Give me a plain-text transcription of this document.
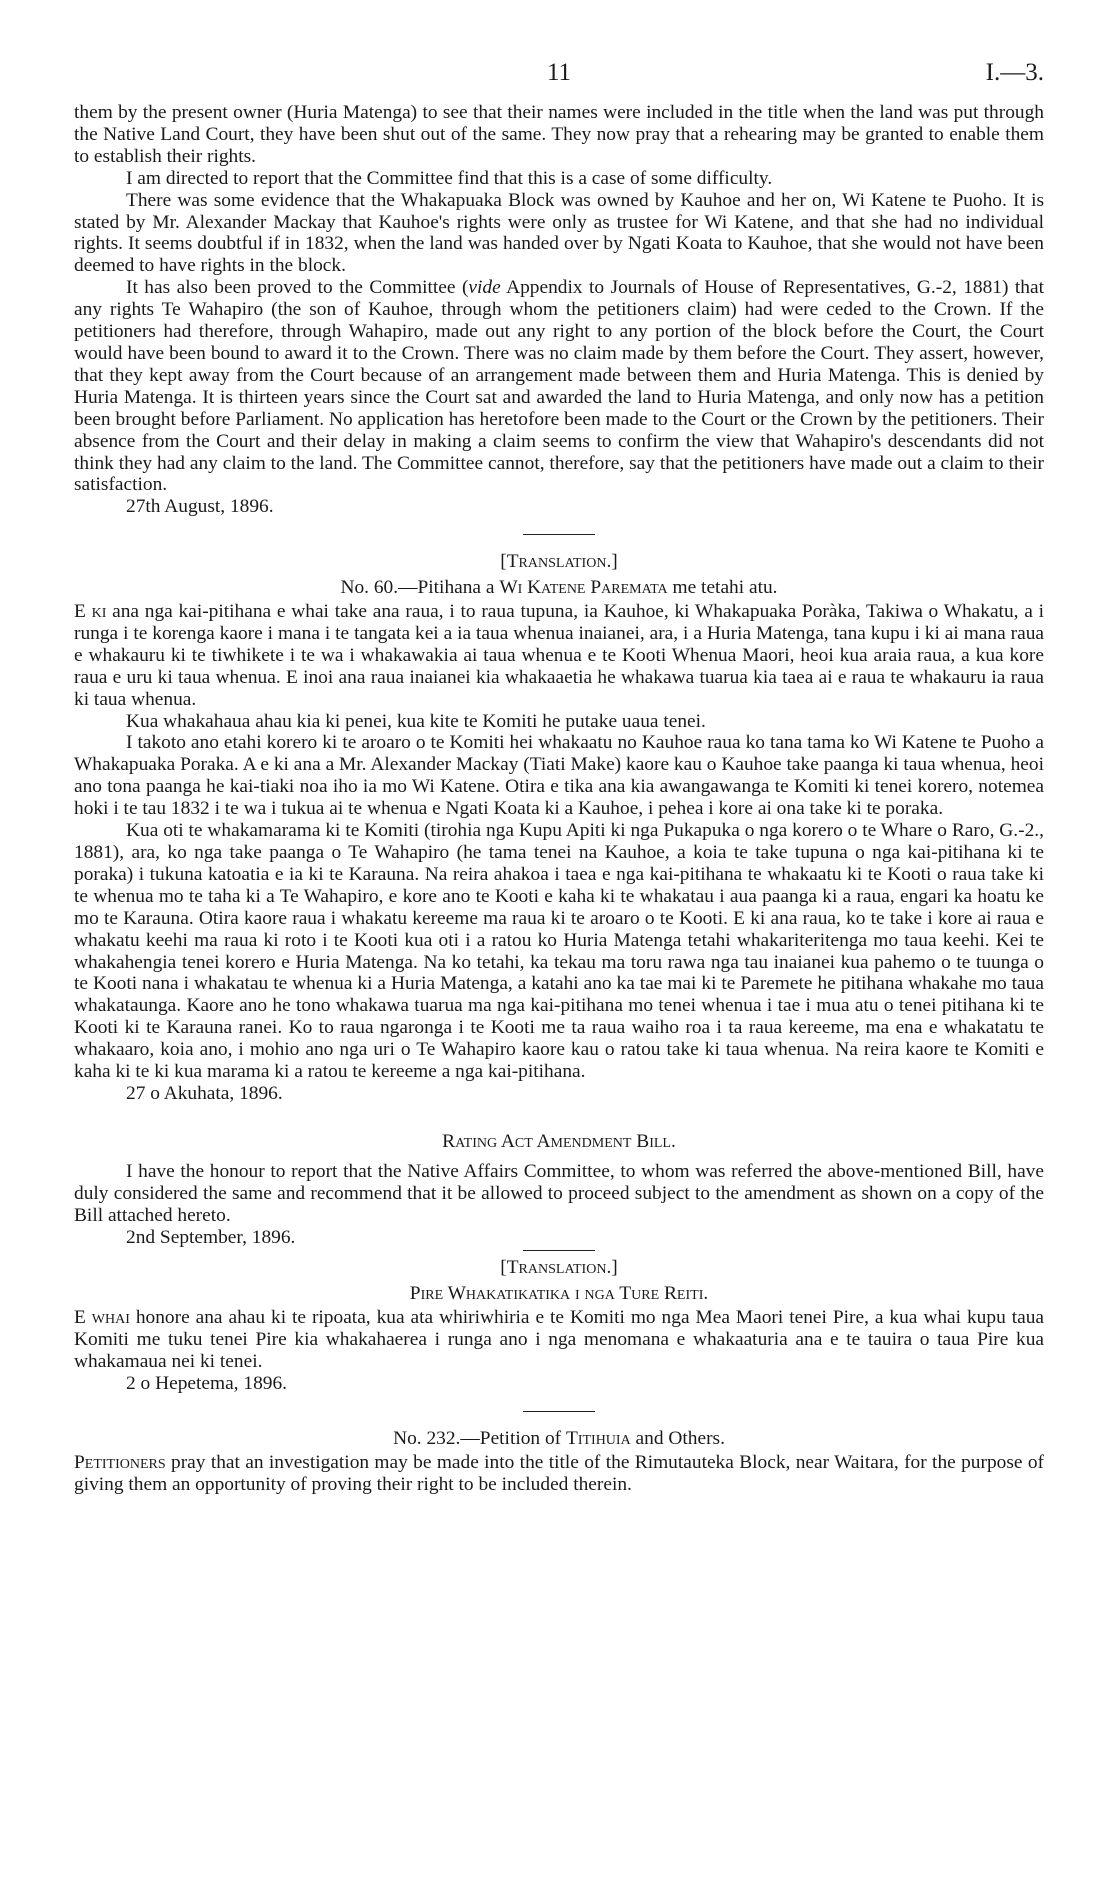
11	I.—3.

them by the present owner (Huria Matenga) to see that their names were included in the title when the land was put through the Native Land Court, they have been shut out of the same. They now pray that a rehearing may be granted to enable them to establish their rights.

I am directed to report that the Committee find that this is a case of some difficulty.

There was some evidence that the Whakapuaka Block was owned by Kauhoe and her on, Wi Katene te Puoho. It is stated by Mr. Alexander Mackay that Kauhoe's rights were only as trustee for Wi Katene, and that she had no individual rights. It seems doubtful if in 1832, when the land was handed over by Ngati Koata to Kauhoe, that she would not have been deemed to have rights in the block.

It has also been proved to the Committee (vide Appendix to Journals of House of Representatives, G.-2, 1881) that any rights Te Wahapiro (the son of Kauhoe, through whom the petitioners claim) had were ceded to the Crown. If the petitioners had therefore, through Wahapiro, made out any right to any portion of the block before the Court, the Court would have been bound to award it to the Crown. There was no claim made by them before the Court. They assert, however, that they kept away from the Court because of an arrangement made between them and Huria Matenga. This is denied by Huria Matenga. It is thirteen years since the Court sat and awarded the land to Huria Matenga, and only now has a petition been brought before Parliament. No application has heretofore been made to the Court or the Crown by the petitioners. Their absence from the Court and their delay in making a claim seems to confirm the view that Wahapiro's descendants did not think they had any claim to the land. The Committee cannot, therefore, say that the petitioners have made out a claim to their satisfaction.

27th August, 1896.

[Translation.]

No. 60.—Pitihana a Wi Katene Paremata me tetahi atu.

E ki ana nga kai-pitihana e whai take ana raua, i to raua tupuna, ia Kauhoe, ki Whakapuaka Poràka, Takiwa o Whakatu, a i runga i te korenga kaore i mana i te tangata kei a ia taua whenua inaianei, ara, i a Huria Matenga, tana kupu i ki ai mana raua e whakauru ki te tiwhikete i te wa i whakawakia ai taua whenua e te Kooti Whenua Maori, heoi kua araia raua, a kua kore raua e uru ki taua whenua. E inoi ana raua inaianei kia whakaaetia he whakawa tuarua kia taea ai e raua te whakauru ia raua ki taua whenua.

Kua whakahaua ahau kia ki penei, kua kite te Komiti he putake uaua tenei.

I takoto ano etahi korero ki te aroaro o te Komiti hei whakaatu no Kauhoe raua ko tana tama ko Wi Katene te Puoho a Whakapuaka Poraka. A e ki ana a Mr. Alexander Mackay (Tiati Make) kaore kau o Kauhoe take paanga ki taua whenua, heoi ano tona paanga he kai-tiaki noa iho ia mo Wi Katene. Otira e tika ana kia awangawanga te Komiti ki tenei korero, notemea hoki i te tau 1832 i te wa i tukua ai te whenua e Ngati Koata ki a Kauhoe, i pehea i kore ai ona take ki te poraka.

Kua oti te whakamarama ki te Komiti (tirohia nga Kupu Apiti ki nga Pukapuka o nga korero o te Whare o Raro, G.-2., 1881), ara, ko nga take paanga o Te Wahapiro (he tama tenei na Kauhoe, a koia te take tupuna o nga kai-pitihana ki te poraka) i tukuna katoatia e ia ki te Karauna. Na reira ahakoa i taea e nga kai-pitihana te whakaatu ki te Kooti o raua take ki te whenua mo te taha ki a Te Wahapiro, e kore ano te Kooti e kaha ki te whakatau i aua paanga ki a raua, engari ka hoatu ke mo te Karauna. Otira kaore raua i whakatu kereeme ma raua ki te aroaro o te Kooti. E ki ana raua, ko te take i kore ai raua e whakatu keehi ma raua ki roto i te Kooti kua oti i a ratou ko Huria Matenga tetahi whakariteritenga mo taua keehi. Kei te whakahengia tenei korero e Huria Matenga. Na ko tetahi, ka tekau ma toru rawa nga tau inaianei kua pahemo o te tuunga o te Kooti nana i whakatau te whenua ki a Huria Matenga, a katahi ano ka tae mai ki te Paremete he pitihana whakahe mo taua whakataunga. Kaore ano he tono whakawa tuarua ma nga kai-pitihana mo tenei whenua i tae i mua atu o tenei pitihana ki te Kooti ki te Karauna ranei. Ko to raua ngaronga i te Kooti me ta raua waiho roa i ta raua kereeme, ma ena e whakatatu te whakaaro, koia ano, i mohio ano nga uri o Te Wahapiro kaore kau o ratou take ki taua whenua. Na reira kaore te Komiti e kaha ki te ki kua marama ki a ratou te kereeme a nga kai-pitihana.

27 o Akuhata, 1896.

Rating Act Amendment Bill.

I have the honour to report that the Native Affairs Committee, to whom was referred the above-mentioned Bill, have duly considered the same and recommend that it be allowed to proceed subject to the amendment as shown on a copy of the Bill attached hereto.

2nd September, 1896.

[Translation.]

Pire Whakatikatika i nga Ture Reiti.

E whai honore ana ahau ki te ripoata, kua ata whiriwhiria e te Komiti mo nga Mea Maori tenei Pire, a kua whai kupu taua Komiti me tuku tenei Pire kia whakahaerea i runga ano i nga menomana e whakaaturia ana e te tauira o taua Pire kua whakamaua nei ki tenei.

2 o Hepetema, 1896.

No. 232.—Petition of Titihuia and Others.

Petitioners pray that an investigation may be made into the title of the Rimutauteka Block, near Waitara, for the purpose of giving them an opportunity of proving their right to be included therein.
